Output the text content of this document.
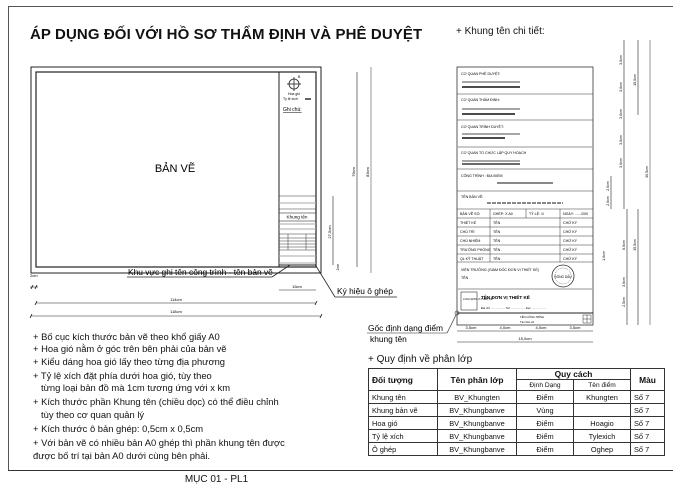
ÁP DỤNG ĐỐI VỚI HỒ SƠ THẨM ĐỊNH VÀ PHÊ DUYỆT
B
Hoa gió
Tỷ lệ xích
Ghi chú:
Khung tên
BẢN VẼ
Khu vực ghi tên công trình - tên bản vẽ
Ký hiệu ô ghép
2cm
15cm
114cm
118cm
27,5cm
79cm 83cm
2cm
CƠ QUAN PHÊ DUYỆT:
CƠ QUAN THẨM ĐỊNH:
CƠ QUAN TRÌNH DUYỆT:
CƠ QUAN TỔ CHỨC LẬP QUY HOẠCH
CÔNG TRÌNH : ĐỊA ĐIỂM
TÊN BẢN VẼ:
BẢN VẼ SỐ:	GHÉP: X A0	TỶ LỆ: 1/	NGÀY: ....../200
THIẾT KẾ	TÊN	CHỮ KÝ
CHỦ TRÌ	TÊN	CHỮ KÝ
CHỦ NHIỆM	TÊN	CHỮ KÝ
TRƯỞNG PHÒNG TÊN	CHỮ KÝ
QL KỸ THUẬT	TÊN	CHỮ KÝ
VIỆN TRƯỞNG (GIÁM ĐỐC ĐƠN VỊ THIẾT KẾ)
TÊN	ĐÓNG DẤU
TÊN ĐƠN VỊ THIẾT KẾ
Địa chỉ: .................. Tel: .................. Fax: ..................
TÊN CÔNG TRÌNH
Tên bản vẽ
LOGO ĐƠN VỊ THIẾT KẾ
Gốc định dạng điểm
khung tên
3,5cm	4,0cm	4,0cm	3,5cm
15,0cm
3,0cm
3,0cm
3,0cm
3,0cm
3,0cm
2,0cm
2,0cm
6,0cm
1,0cm
3,0cm
2,5cm
15,0cm
15,5cm
30,5cm
+ Khung tên chi tiết:
+ Bố cục kích thước bản vẽ theo khổ giấy A0
+ Hoa gió nằm ở góc trên bên phải của bản vẽ
+ Kiểu dáng hoa gió lấy theo từng địa phương
+ Tỷ lệ xích đặt phía dưới hoa gió, tùy theo
từng loại bản đồ mà 1cm tương ứng với x km
+ Kích thước phần Khung tên (chiều dọc) có thể điều chỉnh
tùy theo cơ quan quản lý
+ Kích thước ô bản ghép: 0,5cm x 0,5cm
+ Với bản vẽ có nhiều bản A0 ghép thì phần khung tên được
được bố trí tại bản A0 dưới cùng bên phải.
+ Quy định về phân lớp
Đối tượng	Tên phân lớp	Quy cách		Màu
		Định Dạng	Tên điểm	
Khung tên	BV_Khungten	Điểm	Khungten	Số 7
Khung bản vẽ	BV_Khungbanve	Vùng		Số 7
Hoa gió	BV_Khungbanve	Điểm	Hoagio	Số 7
Tỷ lệ xích	BV_Khungbanve	Điểm	Tylexich	Số 7
Ô ghép	BV_Khungbanve	Điểm	Oghep	Số 7
MỤC 01 - PL1
